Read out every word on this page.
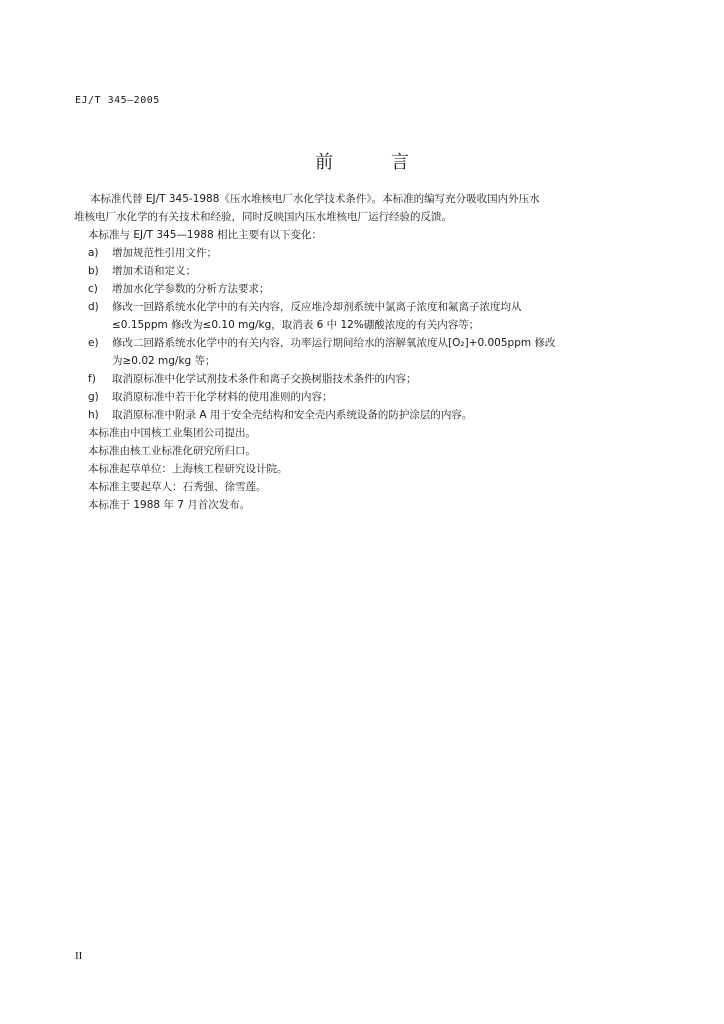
EJ/T 345—2005
前 言

本标准代替 EJ/T 345-1988《压水堆核电厂水化学技术条件》。本标准的编写充分吸收国内外压水

堆核电厂水化学的有关技术和经验，同时反映国内压水堆核电厂运行经验的反馈。

本标准与 EJ/T 345—1988 相比主要有以下变化：

a)	增加规范性引用文件；
b)	增加术语和定义；
c)	增加水化学参数的分析方法要求；
d)	修改一回路系统水化学中的有关内容，反应堆冷却剂系统中氯离子浓度和氟离子浓度均从
≤0.15ppm 修改为≤0.10 mg/kg，取消表 6 中 12%硼酸浓度的有关内容等；
e)	修改二回路系统水化学中的有关内容，功率运行期间给水的溶解氧浓度从[O₂]+0.005ppm 修改
为≥0.02 mg/kg 等；
f)	取消原标准中化学试剂技术条件和离子交换树脂技术条件的内容；
g)	取消原标准中若干化学材料的使用准则的内容；
h)	取消原标准中附录 A 用于安全壳结构和安全壳内系统设备的防护涂层的内容。

本标准由中国核工业集团公司提出。

本标准由核工业标准化研究所归口。

本标准起草单位：上海核工程研究设计院。

本标准主要起草人：石秀强、徐雪莲。

本标准于 1988 年 7 月首次发布。

II
